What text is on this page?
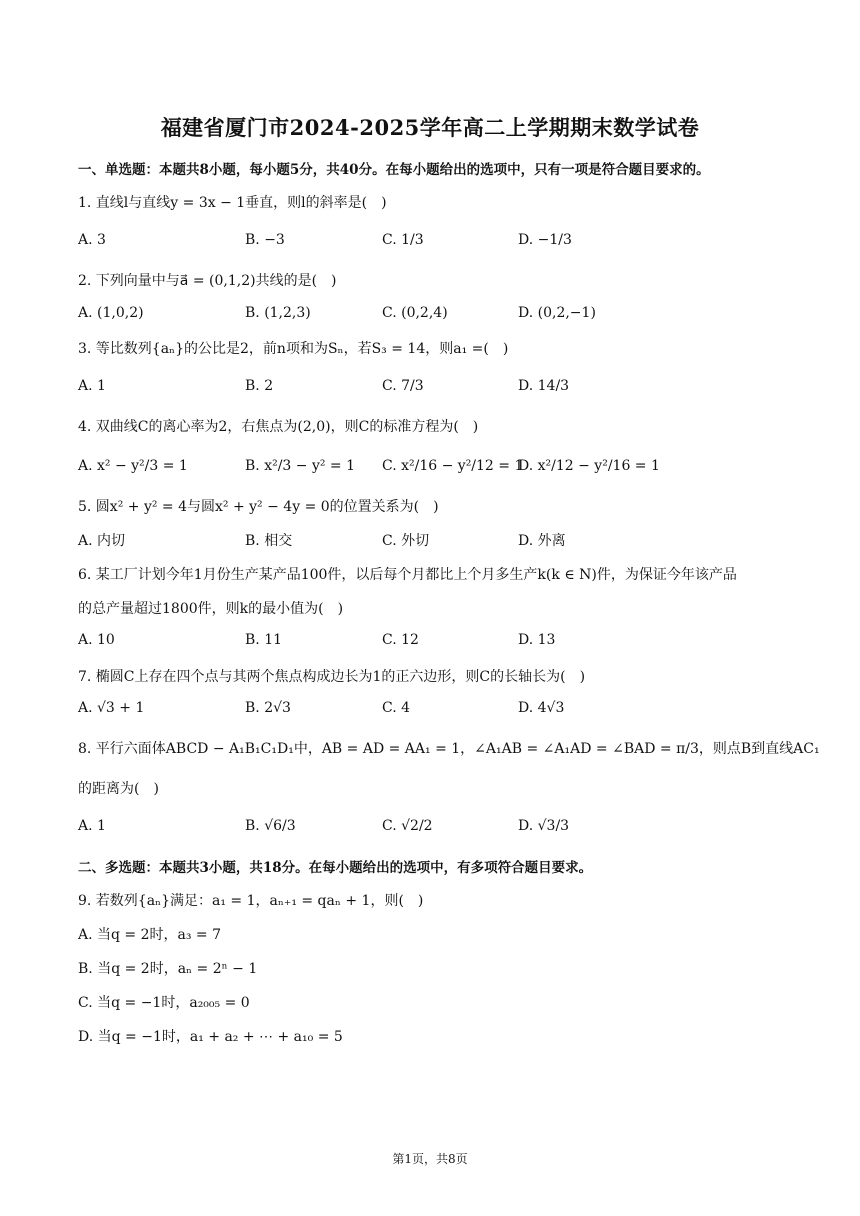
福建省厦门市2024-2025学年高二上学期期末数学试卷
一、单选题：本题共8小题，每小题5分，共40分。在每小题给出的选项中，只有一项是符合题目要求的。
1. 直线l与直线y = 3x − 1垂直，则l的斜率是(　)
A. 3	B. −3	C. 1/3	D. −1/3
2. 下列向量中与a⃗ = (0,1,2)共线的是(　)
A. (1,0,2)	B. (1,2,3)	C. (0,2,4)	D. (0,2,−1)
3. 等比数列{aₙ}的公比是2，前n项和为Sₙ，若S₃ = 14，则a₁ =(　)
A. 1	B. 2	C. 7/3	D. 14/3
4. 双曲线C的离心率为2，右焦点为(2,0)，则C的标准方程为(　)
A. x² − y²/3 = 1	B. x²/3 − y² = 1 C. x²/16 − y²/12 = 1
D. x²/12 − y²/16 = 1
5. 圆x² + y² = 4与圆x² + y² − 4y = 0的位置关系为(　)
A. 内切	B. 相交	C. 外切	D. 外离
6. 某工厂计划今年1月份生产某产品100件，以后每个月都比上个月多生产k(k ∈ N)件，为保证今年该产品
的总产量超过1800件，则k的最小值为(　)
A. 10	B. 11	C. 12	D. 13
7. 椭圆C上存在四个点与其两个焦点构成边长为1的正六边形，则C的长轴长为(　)
A. √3 + 1	B. 2√3	C. 4	D. 4√3
8. 平行六面体ABCD − A₁B₁C₁D₁中，AB = AD = AA₁ = 1，∠A₁AB = ∠A₁AD = ∠BAD = π/3，则点B到直线AC₁
的距离为(　)
A. 1	B. √6/3	C. √2/2	D. √3/3
二、多选题：本题共3小题，共18分。在每小题给出的选项中，有多项符合题目要求。
9. 若数列{aₙ}满足：a₁ = 1，aₙ₊₁ = qaₙ + 1，则(　)
A. 当q = 2时，a₃ = 7
B. 当q = 2时，aₙ = 2ⁿ − 1
C. 当q = −1时，a₂₀₀₅ = 0
D. 当q = −1时，a₁ + a₂ + ⋯ + a₁₀ = 5
第1页，共8页
